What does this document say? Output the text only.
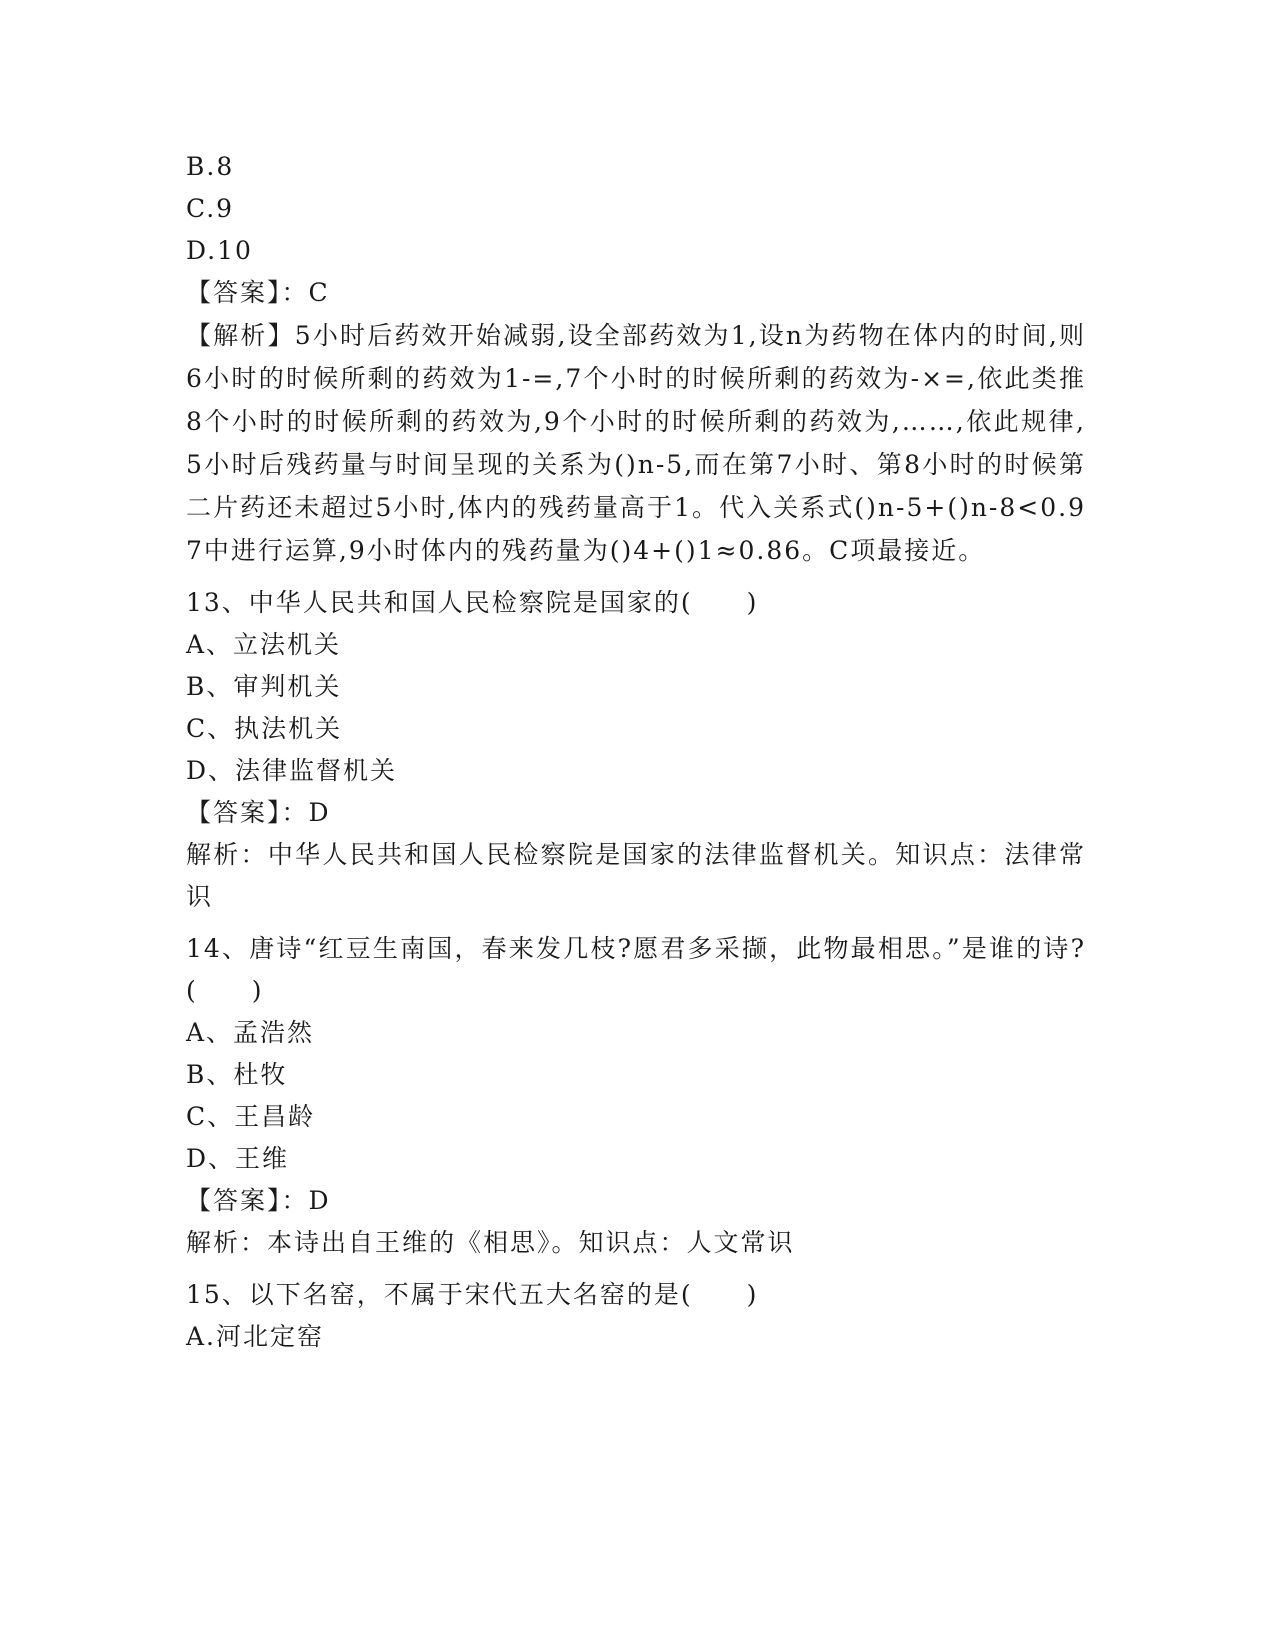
B.8
C.9
D.10
【答案】：C
【解析】5小时后药效开始减弱,设全部药效为1,设n为药物在体内的时间,则6小时的时候所剩的药效为1-=,7个小时的时候所剩的药效为-×=,依此类推8个小时的时候所剩的药效为,9个小时的时候所剩的药效为,……,依此规律,5小时后残药量与时间呈现的关系为()n-5,而在第7小时、第8小时的时候第二片药还未超过5小时,体内的残药量高于1。代入关系式()n-5+()n-8<0.97中进行运算,9小时体内的残药量为()4+()1≈0.86。C项最接近。
13、中华人民共和国人民检察院是国家的(　　)
A、立法机关
B、审判机关
C、执法机关
D、法律监督机关
【答案】：D
解析：中华人民共和国人民检察院是国家的法律监督机关。知识点：法律常识
14、唐诗“红豆生南国，春来发几枝?愿君多采撷，此物最相思。”是谁的诗?(　　)
A、孟浩然
B、杜牧
C、王昌龄
D、王维
【答案】：D
解析：本诗出自王维的《相思》。知识点：人文常识
15、以下名窑，不属于宋代五大名窑的是(　　)
A.河北定窑
